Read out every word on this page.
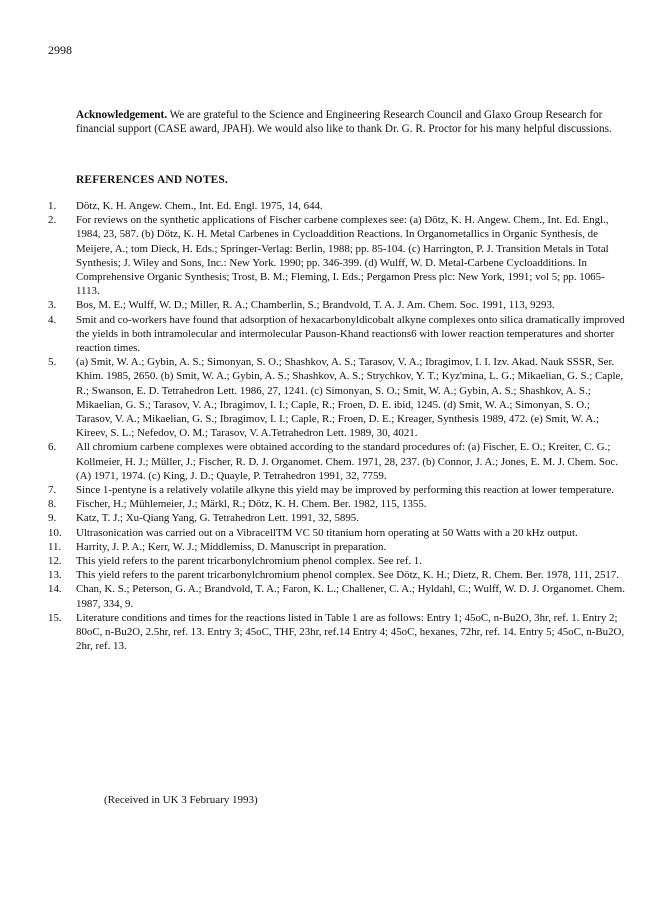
2998

Acknowledgement. We are grateful to the Science and Engineering Research Council and Glaxo Group Research for financial support (CASE award, JPAH). We would also like to thank Dr. G. R. Proctor for his many helpful discussions.

REFERENCES AND NOTES.
1.	Dötz, K. H. Angew. Chem., Int. Ed. Engl. 1975, 14, 644.
2.	For reviews on the synthetic applications of Fischer carbene complexes see: (a) Dötz, K. H. Angew. Chem., Int. Ed. Engl., 1984, 23, 587. (b) Dötz, K. H. Metal Carbenes in Cycloaddition Reactions. In Organometallics in Organic Synthesis, de Meijere, A.; tom Dieck, H. Eds.; Springer-Verlag: Berlin, 1988; pp. 85-104. (c) Harrington, P. J. Transition Metals in Total Synthesis; J. Wiley and Sons, Inc.: New York. 1990; pp. 346-399. (d) Wulff, W. D. Metal-Carbene Cycloadditions. In Comprehensive Organic Synthesis; Trost, B. M.; Fleming, I. Eds.; Pergamon Press plc: New York, 1991; vol 5; pp. 1065-1113.
3.	Bos, M. E.; Wulff, W. D.; Miller, R. A.; Chamberlin, S.; Brandvold, T. A. J. Am. Chem. Soc. 1991, 113, 9293.
4.	Smit and co-workers have found that adsorption of hexacarbonyldicobalt alkyne complexes onto silica dramatically improved the yields in both intramolecular and intermolecular Pauson-Khand reactions6 with lower reaction temperatures and shorter reaction times.
5.	(a) Smit, W. A.; Gybin, A. S.; Simonyan, S. O.; Shashkov, A. S.; Tarasov, V. A.; Ibragimov, I. I. Izv. Akad. Nauk SSSR, Ser. Khim. 1985, 2650. (b) Smit, W. A.; Gybin, A. S.; Shashkov, A. S.; Strychkov, Y. T.; Kyz'mina, L. G.; Mikaelian, G. S.; Caple, R.; Swanson, E. D. Tetrahedron Lett. 1986, 27, 1241. (c) Simonyan, S. O.; Smit, W. A.; Gybin, A. S.; Shashkov, A. S.; Mikaelian, G. S.; Tarasov, V. A.; Ibragimov, I. I.; Caple, R.; Froen, D. E. ibid, 1245. (d) Smit, W. A.; Simonyan, S. O.; Tarasov, V. A.; Mikaelian, G. S.; Ibragimov, I. I.; Caple, R.; Froen, D. E.; Kreager, Synthesis 1989, 472. (e) Smit, W. A.; Kireev, S. L.; Nefedov, O. M.; Tarasov, V. A.Tetrahedron Lett. 1989, 30, 4021.
6.	All chromium carbene complexes were obtained according to the standard procedures of: (a) Fischer, E. O.; Kreiter, C. G.; Kollmeier, H. J.; Müller, J.; Fischer, R. D. J. Organomet. Chem. 1971, 28, 237. (b) Connor, J. A.; Jones, E. M. J. Chem. Soc. (A) 1971, 1974. (c) King, J. D.; Quayle, P. Tetrahedron 1991, 32, 7759.
7.	Since 1-pentyne is a relatively volatile alkyne this yield may be improved by performing this reaction at lower temperature.
8.	Fischer, H.; Mühlemeier, J.; Märkl, R.; Dötz, K. H. Chem. Ber. 1982, 115, 1355.
9.	Katz, T. J.; Xu-Qiang Yang, G. Tetrahedron Lett. 1991, 32, 5895.
10.	Ultrasonication was carried out on a VibracellTM VC 50 titanium horn operating at 50 Watts with a 20 kHz output.
11.	Harrity, J. P. A.; Kerr, W. J.; Middlemiss, D. Manuscript in preparation.
12.	This yield refers to the parent tricarbonylchromium phenol complex. See ref. 1.
13.	This yield refers to the parent tricarbonylchromium phenol complex. See Dötz, K. H.; Dietz, R. Chem. Ber. 1978, 111, 2517.
14.	Chan, K. S.; Peterson, G. A.; Brandvold, T. A.; Faron, K. L.; Challener, C. A.; Hyldahl, C.; Wulff, W. D. J. Organomet. Chem. 1987, 334, 9.
15.	Literature conditions and times for the reactions listed in Table 1 are as follows: Entry 1; 45oC, n-Bu2O, 3hr, ref. 1. Entry 2; 80oC, n-Bu2O, 2.5hr, ref. 13. Entry 3; 45oC, THF, 23hr, ref.14 Entry 4; 45oC, hexanes, 72hr, ref. 14. Entry 5; 45oC, n-Bu2O, 2hr, ref. 13.
(Received in UK 3 February 1993)
